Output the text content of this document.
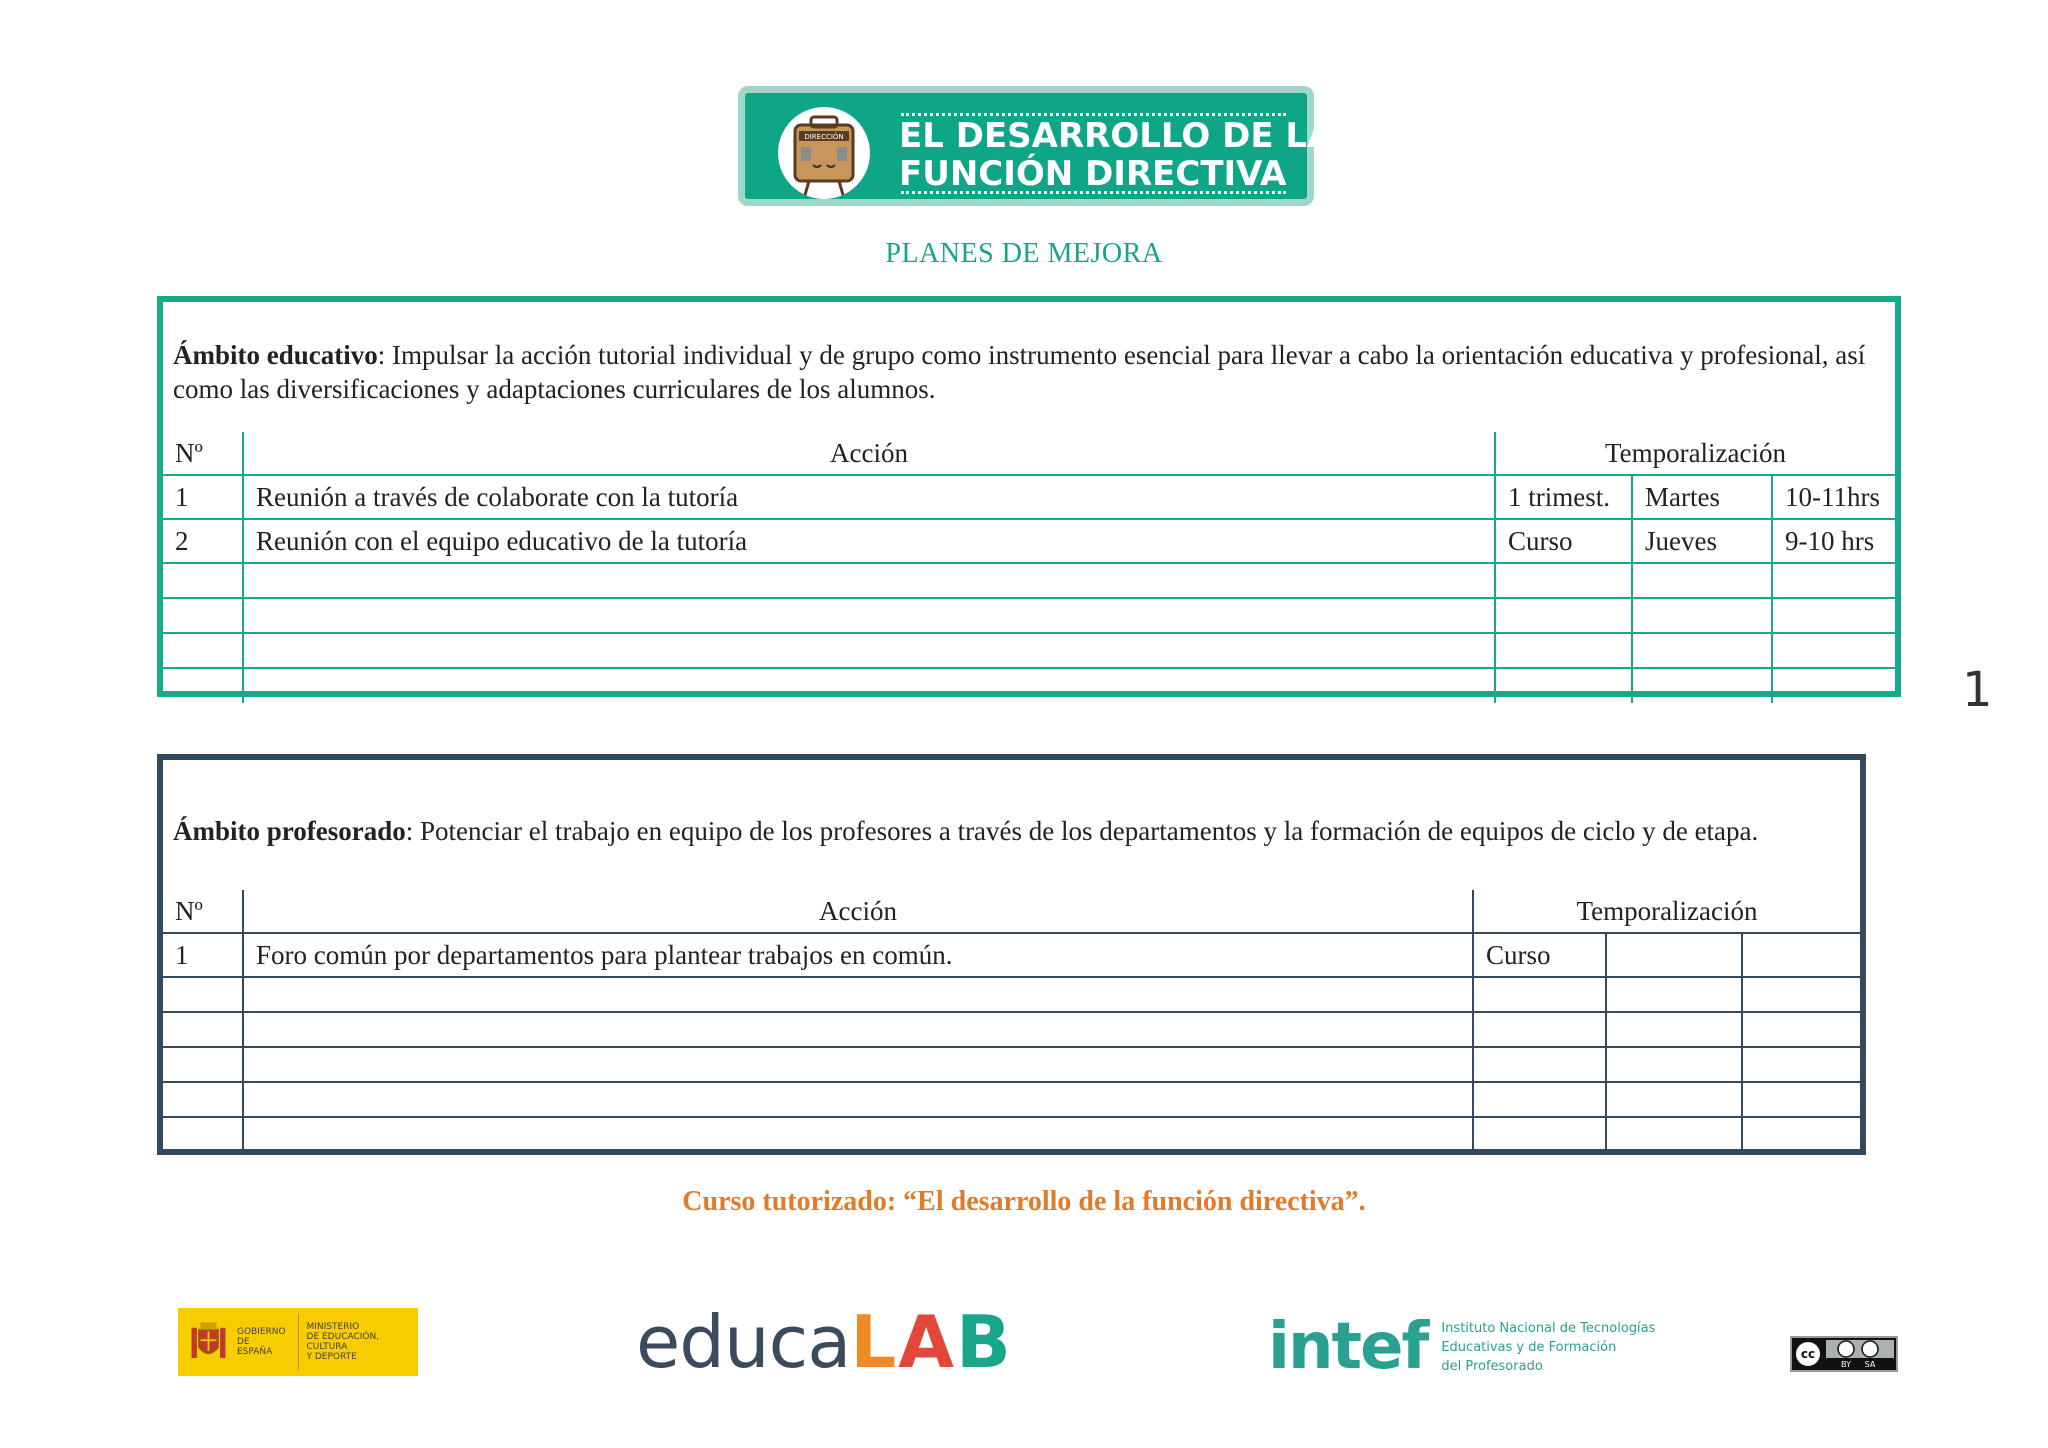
DIRECCIÓN EL DESARROLLO DE LA
FUNCIÓN DIRECTIVA
PLANES DE MEJORA
Ámbito educativo: Impulsar la acción tutorial individual y de grupo como instrumento esencial para llevar a cabo la orientación educativa y profesional, así como las diversificaciones y adaptaciones curriculares de los alumnos.
Nº	Acción	Temporalización		
1	Reunión a través de colaborate con la tutoría	1 trimest.	Martes	10-11hrs
2	Reunión con el equipo educativo de la tutoría	Curso	Jueves	9-10 hrs

1
Ámbito profesorado: Potenciar el trabajo en equipo de los profesores a través de los departamentos y la formación de equipos de ciclo y de etapa.
Nº	Acción	Temporalización		
1	Foro común por departamentos para plantear trabajos en común.	Curso		

Curso tutorizado: “El desarrollo de la función directiva”.
GOBIERNO
DE ESPAÑA
MINISTERIO
DE EDUCACIÓN, CULTURA
Y DEPORTE	educaLAB	intef Instituto Nacional de Tecnologías
Educativas y de Formación
del Profesorado
cc
BY SA
